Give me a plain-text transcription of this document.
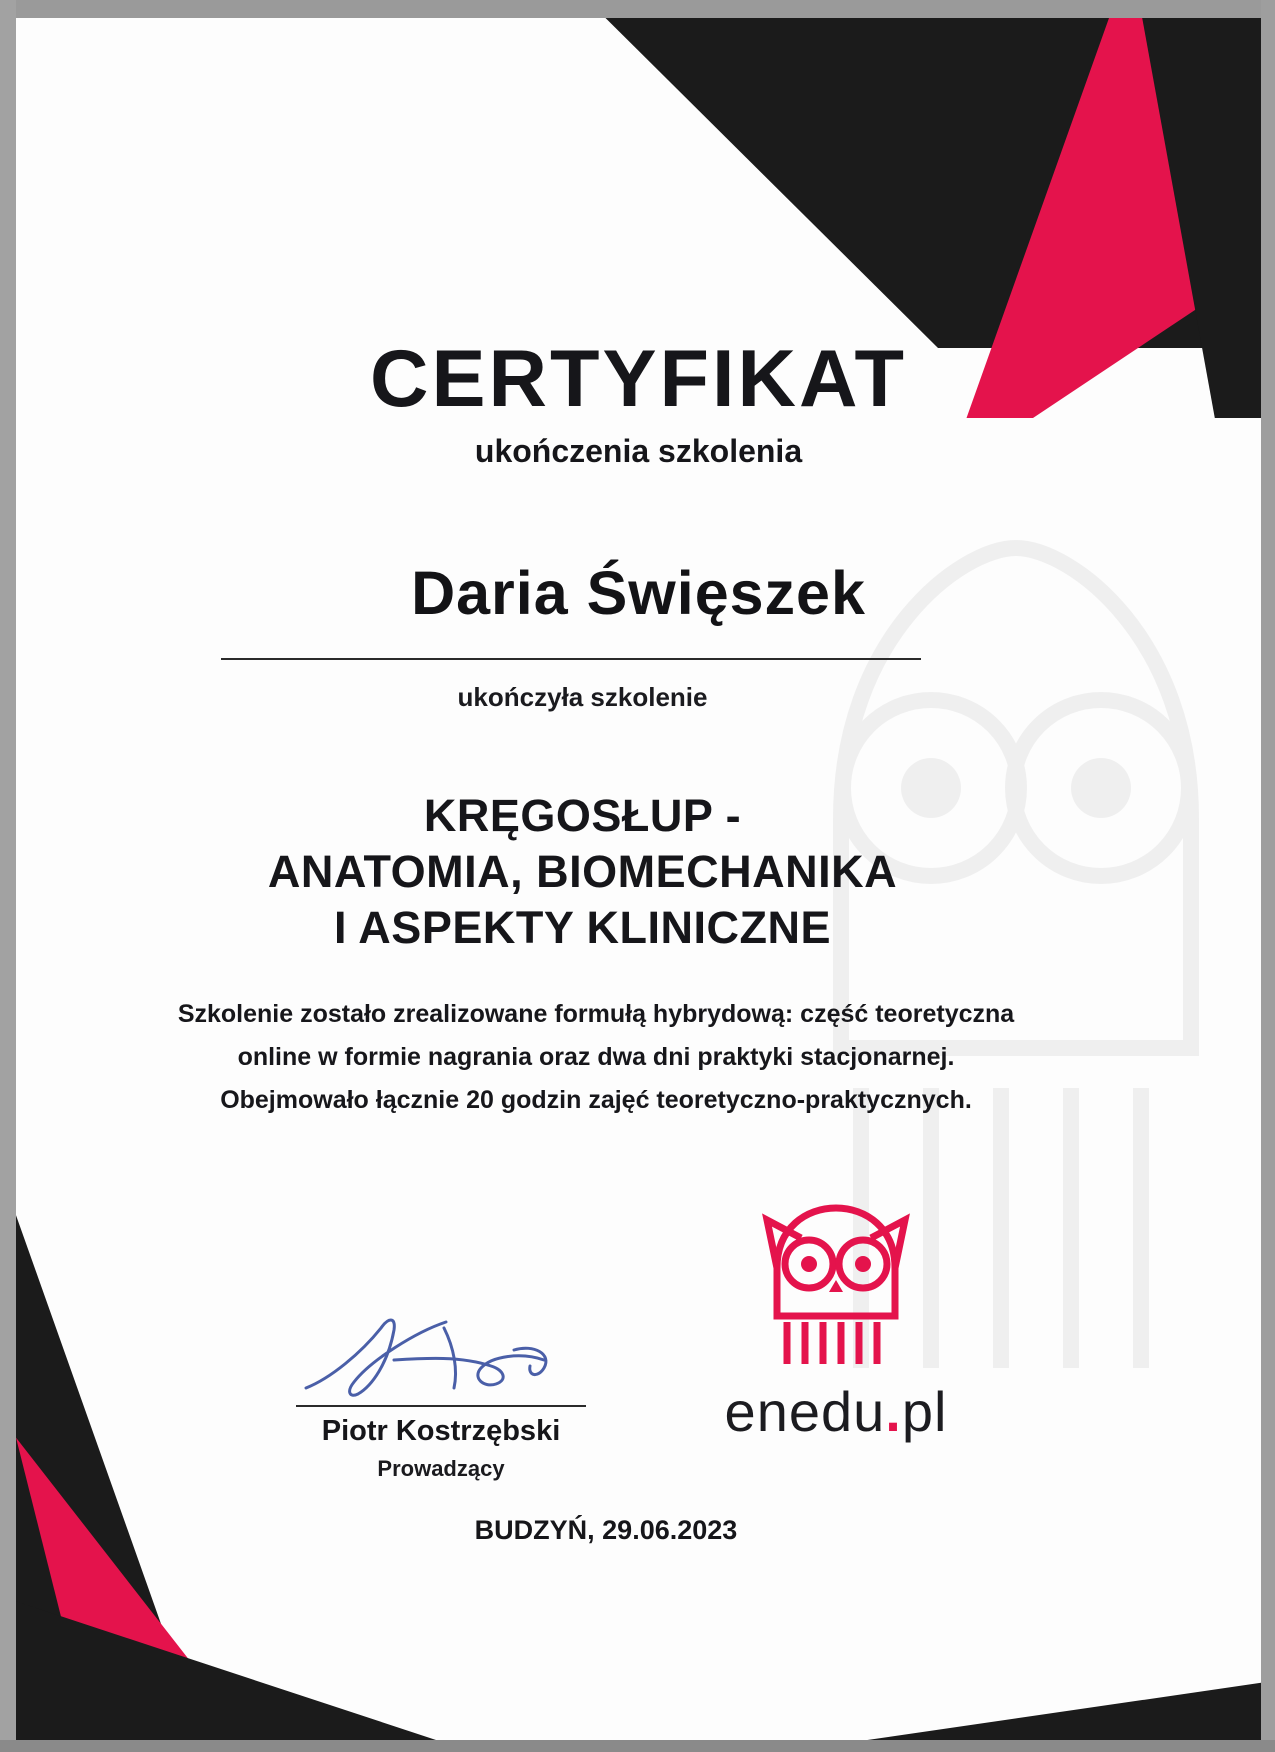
CERTYFIKAT
ukończenia szkolenia
Daria Święszek
ukończyła szkolenie
KRĘGOSŁUP -
ANATOMIA, BIOMECHANIKA
I ASPEKTY KLINICZNE
Szkolenie zostało zrealizowane formułą hybrydową: część teoretyczna
online w formie nagrania oraz dwa dni praktyki stacjonarnej.
Obejmowało łącznie 20 godzin zajęć teoretyczno-praktycznych.
enedu.pl
Piotr Kostrzębski
Prowadzący
BUDZYŃ, 29.06.2023
